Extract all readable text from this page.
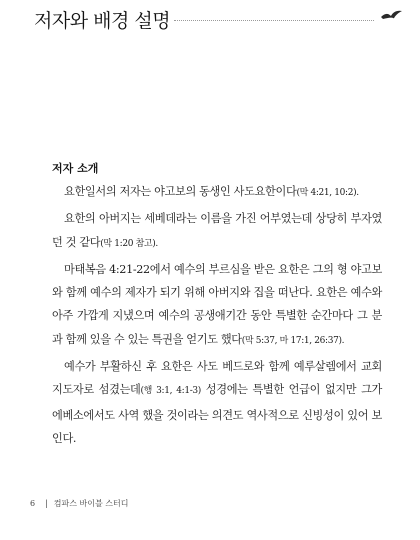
저자와 배경 설명
저자 소개

요한일서의 저자는 야고보의 동생인 사도요한이다(막 4:21, 10:2).

요한의 아버지는 세베데라는 이름을 가진 어부였는데 상당히 부자였던 것 같다(막 1:20 참고).

마태복음 4:21-22에서 예수의 부르심을 받은 요한은 그의 형 야고보와 함께 예수의 제자가 되기 위해 아버지와 집을 떠난다. 요한은 예수와 아주 가깝게 지냈으며 예수의 공생애기간 동안 특별한 순간마다 그 분과 함께 있을 수 있는 특권을 얻기도 했다(막 5:37, 마 17:1, 26:37).

예수가 부활하신 후 요한은 사도 베드로와 함께 예루살렘에서 교회 지도자로 섬겼는데(행 3:1, 4:1-3) 성경에는 특별한 언급이 없지만 그가 에베소에서도 사역 했을 것이라는 의견도 역사적으로 신빙성이 있어 보인다.

6 | 컴파스 바이블 스터디
